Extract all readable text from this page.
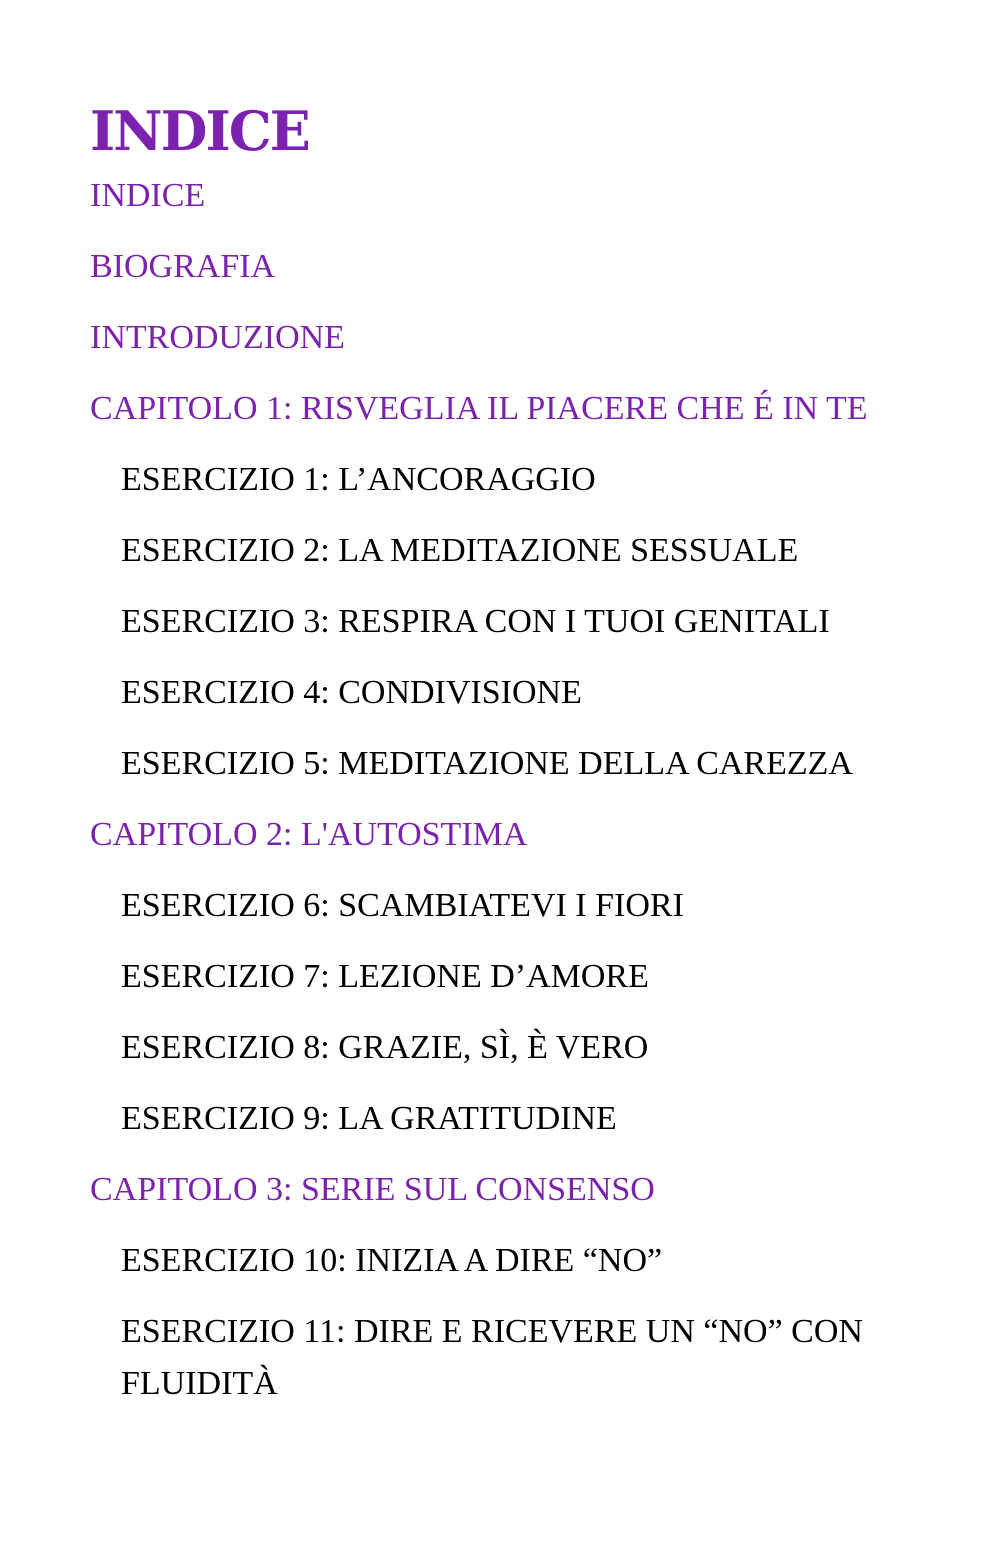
INDICE
INDICE
BIOGRAFIA
INTRODUZIONE
CAPITOLO 1: RISVEGLIA IL PIACERE CHE É IN TE
ESERCIZIO 1: L’ANCORAGGIO
ESERCIZIO 2: LA MEDITAZIONE SESSUALE
ESERCIZIO 3: RESPIRA CON I TUOI GENITALI
ESERCIZIO 4: CONDIVISIONE
ESERCIZIO 5: MEDITAZIONE DELLA CAREZZA
CAPITOLO 2: L'AUTOSTIMA
ESERCIZIO 6: SCAMBIATEVI I FIORI
ESERCIZIO 7: LEZIONE D’AMORE
ESERCIZIO 8: GRAZIE, SÌ, È VERO
ESERCIZIO 9: LA GRATITUDINE
CAPITOLO 3: SERIE SUL CONSENSO
ESERCIZIO 10: INIZIA A DIRE “NO”
ESERCIZIO 11: DIRE E RICEVERE UN “NO” CON FLUIDITÀ
